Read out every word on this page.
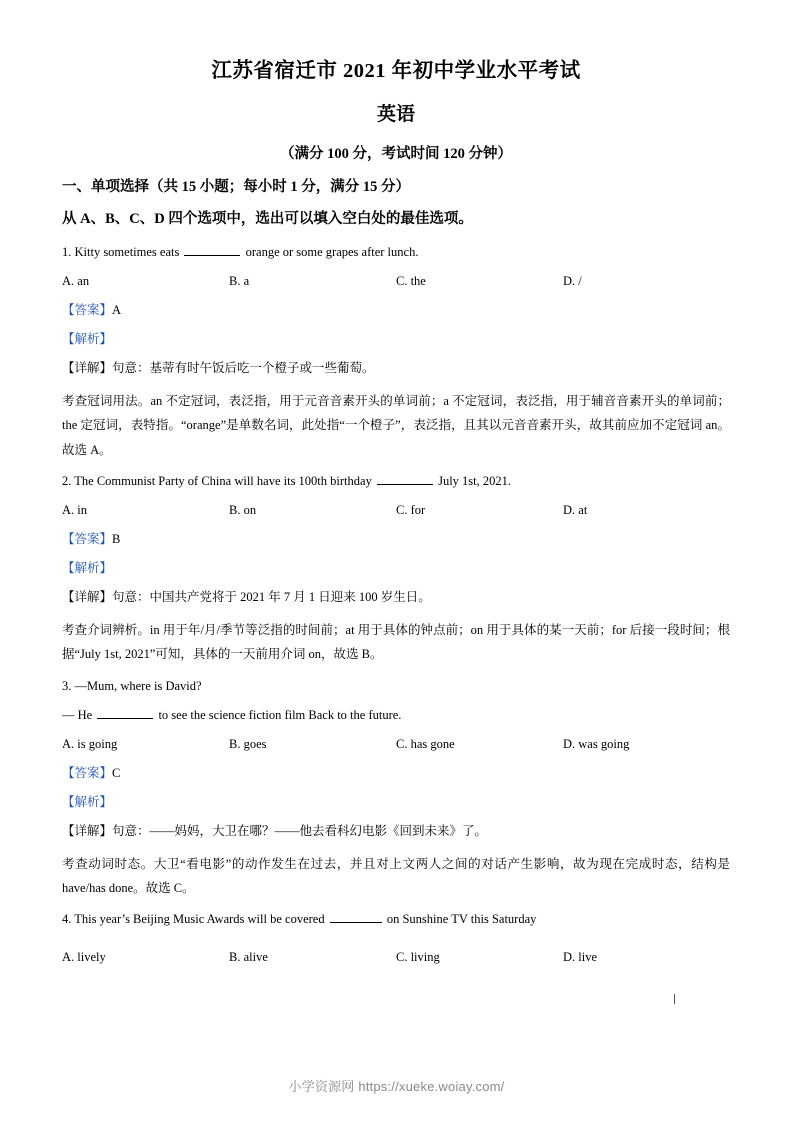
江苏省宿迁市 2021 年初中学业水平考试
英语
（满分 100 分，考试时间 120 分钟）
一、单项选择（共 15 小题；每小时 1 分，满分 15 分）
从 A、B、C、D 四个选项中，选出可以填入空白处的最佳选项。
1. Kitty sometimes eats	orange or some grapes after lunch.
A. an	B. a	C. the	D. /
【答案】A
【解析】
【详解】句意：基蒂有时午饭后吃一个橙子或一些葡萄。
考查冠词用法。an 不定冠词，表泛指，用于元音音素开头的单词前；a 不定冠词，表泛指，用于辅音音素开头的单词前；the 定冠词，表特指。“orange”是单数名词，此处指“一个橙子”，表泛指，且其以元音音素开头，故其前应加不定冠词 an。故选 A。
2. The Communist Party of China will have its 100th birthday	July 1st, 2021.
A. in	B. on	C. for	D. at
【答案】B
【解析】
【详解】句意：中国共产党将于 2021 年 7 月 1 日迎来 100 岁生日。
考查介词辨析。in 用于年/月/季节等泛指的时间前；at 用于具体的钟点前；on 用于具体的某一天前；for 后接一段时间；根据“July 1st, 2021”可知，具体的一天前用介词 on，故选 B。
3. —Mum, where is David?
— He	to see the science fiction film Back to the future.
A. is going	B. goes	C. has gone	D. was going
【答案】C
【解析】
【详解】句意：——妈妈，大卫在哪？——他去看科幻电影《回到未来》了。
考查动词时态。大卫“看电影”的动作发生在过去，并且对上文两人之间的对话产生影响，故为现在完成时态，结构是 have/has done。故选 C。
4. This year’s Beijing Music Awards will be covered	on Sunshine TV this Saturday
A. lively	B. alive	C. living	D. live
小学资源网 https://xueke.woiay.com/
